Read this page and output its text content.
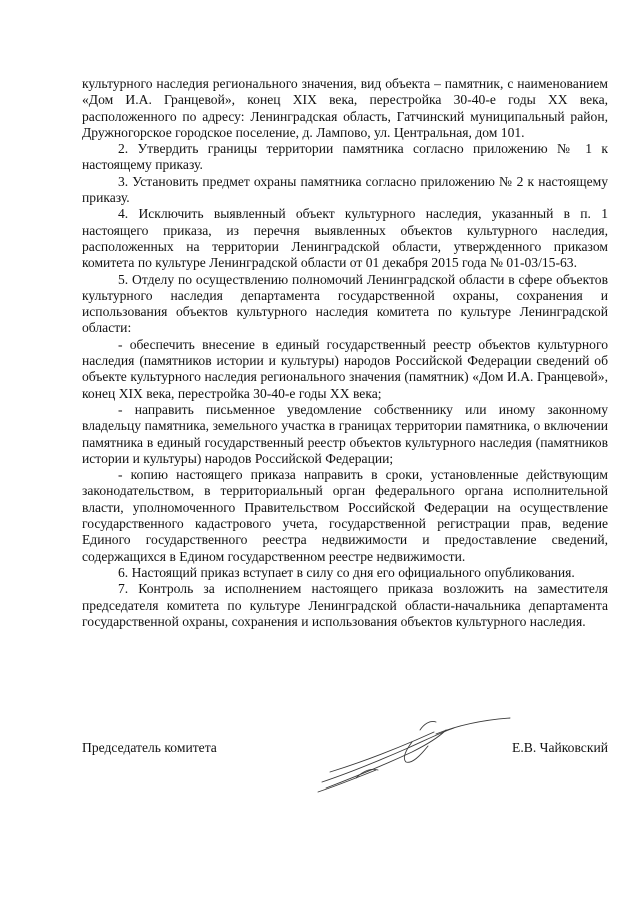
культурного наследия регионального значения, вид объекта – памятник, с наименованием «Дом И.А. Гранцевой», конец XIX века, перестройка 30-40-е годы XX века, расположенного по адресу: Ленинградская область, Гатчинский муниципальный район, Дружногорское городское поселение, д. Лампово, ул. Центральная, дом 101.

2. Утвердить границы территории памятника согласно приложению № 1 к настоящему приказу.

3. Установить предмет охраны памятника согласно приложению № 2 к настоящему приказу.

4. Исключить выявленный объект культурного наследия, указанный в п. 1 настоящего приказа, из перечня выявленных объектов культурного наследия, расположенных на территории Ленинградской области, утвержденного приказом комитета по культуре Ленинградской области от 01 декабря 2015 года № 01-03/15-63.

5. Отделу по осуществлению полномочий Ленинградской области в сфере объектов культурного наследия департамента государственной охраны, сохранения и использования объектов культурного наследия комитета по культуре Ленинградской области:

- обеспечить внесение в единый государственный реестр объектов культурного наследия (памятников истории и культуры) народов Российской Федерации сведений об объекте культурного наследия регионального значения (памятник) «Дом И.А. Гранцевой», конец XIX века, перестройка 30-40-е годы XX века;

- направить письменное уведомление собственнику или иному законному владельцу памятника, земельного участка в границах территории памятника, о включении памятника в единый государственный реестр объектов культурного наследия (памятников истории и культуры) народов Российской Федерации;

- копию настоящего приказа направить в сроки, установленные действующим законодательством, в территориальный орган федерального органа исполнительной власти, уполномоченного Правительством Российской Федерации на осуществление государственного кадастрового учета, государственной регистрации прав, ведение Единого государственного реестра недвижимости и предоставление сведений, содержащихся в Едином государственном реестре недвижимости.

6. Настоящий приказ вступает в силу со дня его официального опубликования.

7. Контроль за исполнением настоящего приказа возложить на заместителя председателя комитета по культуре Ленинградской области-начальника департамента государственной охраны, сохранения и использования объектов культурного наследия.

Председатель комитета	Е.В. Чайковский
